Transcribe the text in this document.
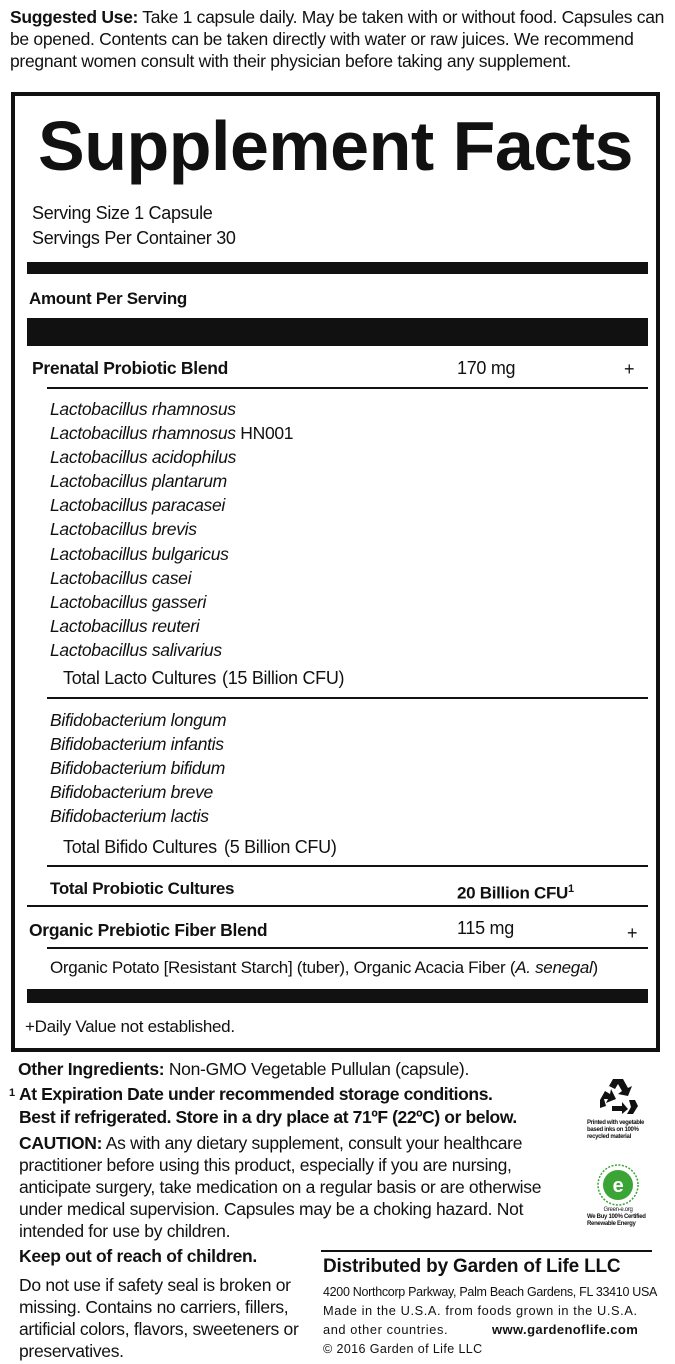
Suggested Use: Take 1 capsule daily. May be taken with or without food. Capsules can be opened. Contents can be taken directly with water or raw juices. We recommend pregnant women consult with their physician before taking any supplement.
Supplement Facts
Serving Size 1 Capsule
Servings Per Container 30
Amount Per Serving
Prenatal Probiotic Blend	170 mg	+
Lactobacillus rhamnosus
Lactobacillus rhamnosus HN001
Lactobacillus acidophilus
Lactobacillus plantarum
Lactobacillus paracasei
Lactobacillus brevis
Lactobacillus bulgaricus
Lactobacillus casei
Lactobacillus gasseri
Lactobacillus reuteri
Lactobacillus salivarius
Total Lacto Cultures (15 Billion CFU)
Bifidobacterium longum
Bifidobacterium infantis
Bifidobacterium bifidum
Bifidobacterium breve
Bifidobacterium lactis
Total Bifido Cultures (5 Billion CFU)
Total Probiotic Cultures	20 Billion CFU$^1$
Organic Prebiotic Fiber Blend	115 mg	+
Organic Potato [Resistant Starch] (tuber), Organic Acacia Fiber (A. senegal)
+Daily Value not established.
Other Ingredients: Non-GMO Vegetable Pullulan (capsule).
1 At Expiration Date under recommended storage conditions.
Best if refrigerated. Store in a dry place at 71ºF (22ºC) or below.
CAUTION: As with any dietary supplement, consult your healthcare practitioner before using this product, especially if you are nursing, anticipate surgery, take medication on a regular basis or are otherwise under medical supervision. Capsules may be a choking hazard. Not intended for use by children.
Keep out of reach of children.
Do not use if safety seal is broken or missing. Contains no carriers, fillers, artificial colors, flavors, sweeteners or preservatives.
Printed with vegetable based inks on 100% recycled material
e
Green-e.org
We Buy 100% Certified Renewable Energy
Distributed by Garden of Life LLC
4200 Northcorp Parkway, Palm Beach Gardens, FL 33410 USA
Made in the U.S.A. from foods grown in the U.S.A.
and other countries.	www.gardenoflife.com
© 2016 Garden of Life LLC
